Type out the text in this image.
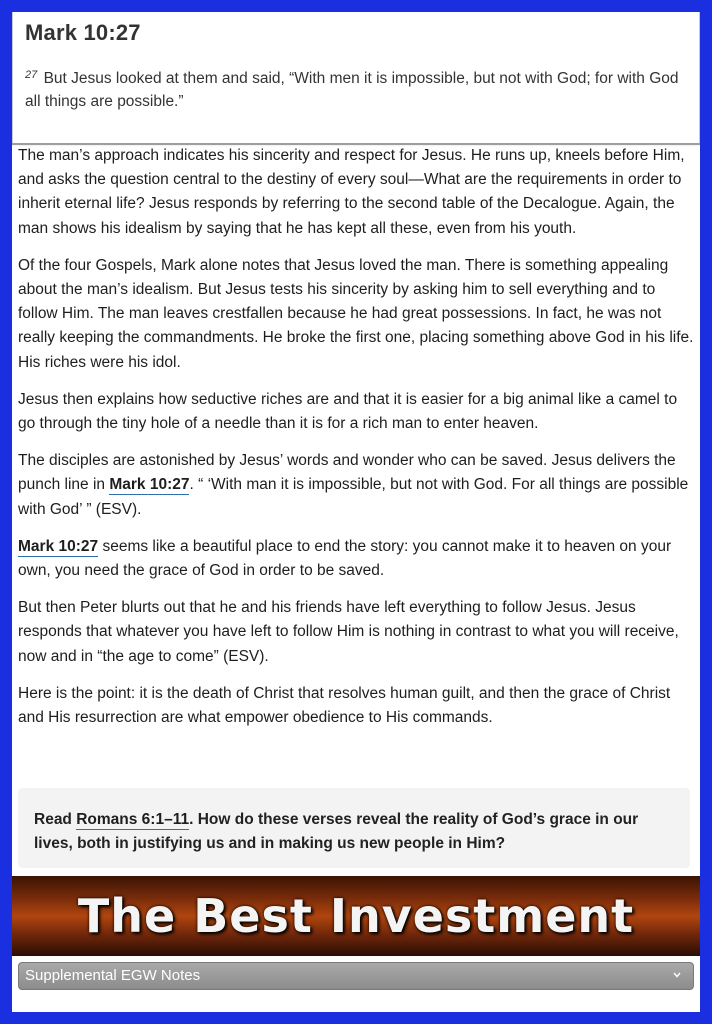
Mark 10:27
$^{27}$ But Jesus looked at them and said, “With men it is impossible, but not with God; for with God all things are possible.”

The man’s approach indicates his sincerity and respect for Jesus. He runs up, kneels before Him, and asks the question central to the destiny of every soul—What are the requirements in order to inherit eternal life? Jesus responds by referring to the second table of the Decalogue. Again, the man shows his idealism by saying that he has kept all these, even from his youth.

Of the four Gospels, Mark alone notes that Jesus loved the man. There is something appealing about the man’s idealism. But Jesus tests his sincerity by asking him to sell everything and to follow Him. The man leaves crestfallen because he had great possessions. In fact, he was not really keeping the commandments. He broke the first one, placing something above God in his life. His riches were his idol.

Jesus then explains how seductive riches are and that it is easier for a big animal like a camel to go through the tiny hole of a needle than it is for a rich man to enter heaven.

The disciples are astonished by Jesus’ words and wonder who can be saved. Jesus delivers the punch line in Mark 10:27. “ ‘With man it is impossible, but not with God. For all things are possible with God’ ” (ESV).

Mark 10:27 seems like a beautiful place to end the story: you cannot make it to heaven on your own, you need the grace of God in order to be saved.

But then Peter blurts out that he and his friends have left everything to follow Jesus. Jesus responds that whatever you have left to follow Him is nothing in contrast to what you will receive, now and in “the age to come” (ESV).

Here is the point: it is the death of Christ that resolves human guilt, and then the grace of Christ and His resurrection are what empower obedience to His commands.

Read Romans 6:1–11. How do these verses reveal the reality of God’s grace in our lives, both in justifying us and in making us new people in Him?
The Best Investment
Supplemental EGW Notes
